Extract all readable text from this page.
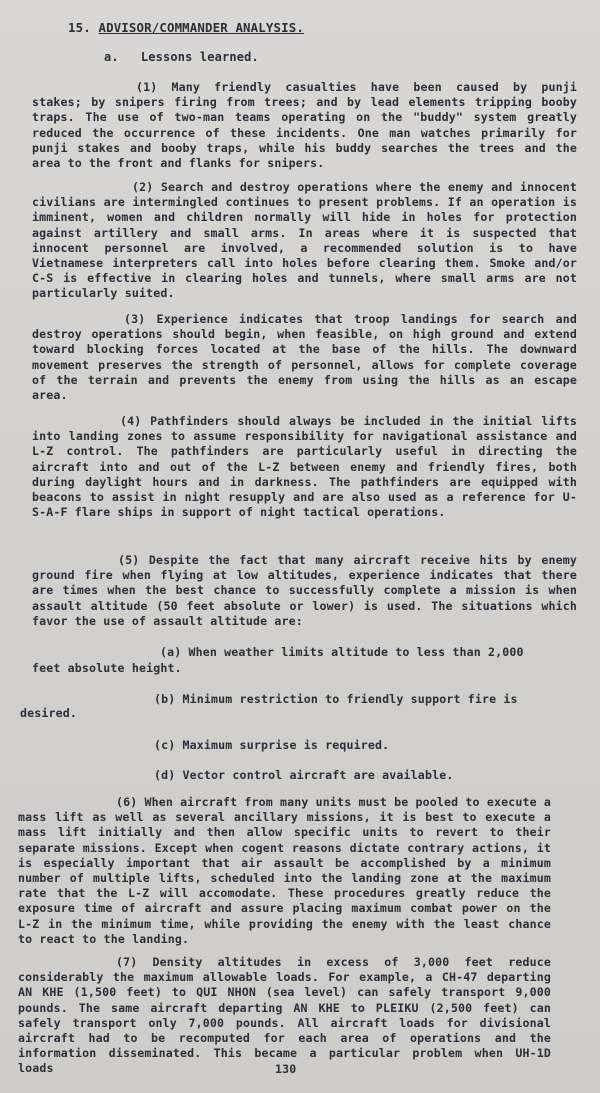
15. ADVISOR/COMMANDER ANALYSIS.
a. Lessons learned.

(1) Many friendly casualties have been caused by punji stakes; by snipers firing from trees; and by lead elements tripping booby traps. The use of two-man teams operating on the "buddy" system greatly reduced the occurrence of these incidents. One man watches primarily for punji stakes and booby traps, while his buddy searches the trees and the area to the front and flanks for snipers.

(2) Search and destroy operations where the enemy and innocent civilians are intermingled continues to present problems. If an operation is imminent, women and children normally will hide in holes for protection against artillery and small arms. In areas where it is suspected that innocent personnel are involved, a recommended solution is to have Vietnamese interpreters call into holes before clearing them. Smoke and/or C-S is effective in clearing holes and tunnels, where small arms are not particularly suited.

(3) Experience indicates that troop landings for search and destroy operations should begin, when feasible, on high ground and extend toward blocking forces located at the base of the hills. The downward movement preserves the strength of personnel, allows for complete coverage of the terrain and prevents the enemy from using the hills as an escape area.

(4) Pathfinders should always be included in the initial lifts into landing zones to assume responsibility for navigational assistance and L-Z control. The pathfinders are particularly useful in directing the aircraft into and out of the L-Z between enemy and friendly fires, both during daylight hours and in darkness. The pathfinders are equipped with beacons to assist in night resupply and are also used as a reference for U-S-A-F flare ships in support of night tactical operations.

(5) Despite the fact that many aircraft receive hits by enemy ground fire when flying at low altitudes, experience indicates that there are times when the best chance to successfully complete a mission is when assault altitude (50 feet absolute or lower) is used. The situations which favor the use of assault altitude are:

(a) When weather limits altitude to less than 2,000
feet absolute height.
(b) Minimum restriction to friendly support fire is
desired.
(c) Maximum surprise is required.
(d) Vector control aircraft are available.

(6) When aircraft from many units must be pooled to execute a mass lift as well as several ancillary missions, it is best to execute a mass lift initially and then allow specific units to revert to their separate missions. Except when cogent reasons dictate contrary actions, it is especially important that air assault be accomplished by a minimum number of multiple lifts, scheduled into the landing zone at the maximum rate that the L-Z will accomodate. These procedures greatly reduce the exposure time of aircraft and assure placing maximum combat power on the L-Z in the minimum time, while providing the enemy with the least chance to react to the landing.

(7) Density altitudes in excess of 3,000 feet reduce considerably the maximum allowable loads. For example, a CH-47 departing AN KHE (1,500 feet) to QUI NHON (sea level) can safely transport 9,000 pounds. The same aircraft departing AN KHE to PLEIKU (2,500 feet) can safely transport only 7,000 pounds. All aircraft loads for divisional aircraft had to be recomputed for each area of operations and the information disseminated. This became a particular problem when UH-1D loads	130
